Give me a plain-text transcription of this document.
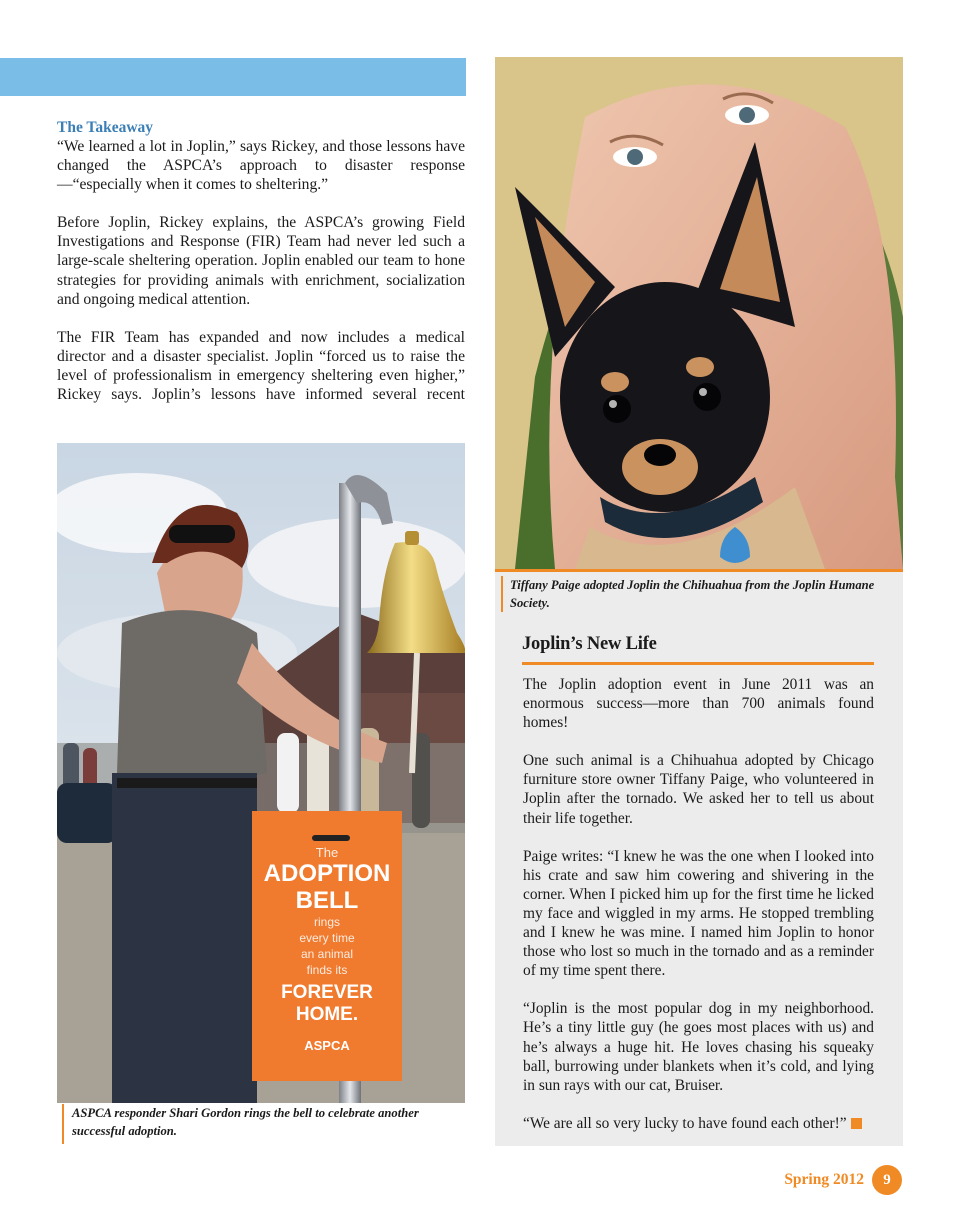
The Takeaway

“We learned a lot in Joplin,” says Rickey, and those lessons have changed the ASPCA’s approach to disaster response—“especially when it comes to sheltering.”

Before Joplin, Rickey explains, the ASPCA’s growing Field Investigations and Response (FIR) Team had never led such a large-scale sheltering operation. Joplin enabled our team to hone strategies for providing animals with enrichment, socialization and ongoing medical attention.

The FIR Team has expanded and now includes a medical director and a disaster specialist. Joplin “forced us to raise the level of professionalism in emergency sheltering even higher,” Rickey says. Joplin’s lessons have informed several recent

The
ADOPTION
BELL
rings
every time
an animal
finds its
FOREVER
HOME.
ASPCA
ASPCA responder Shari Gordon rings the bell to celebrate another successful adoption.
Tiffany Paige adopted Joplin the Chihuahua from the Joplin Humane Society.
Joplin’s New Life

The Joplin adoption event in June 2011 was an enormous success—more than 700 animals found homes!

One such animal is a Chihuahua adopted by Chicago furniture store owner Tiffany Paige, who volunteered in Joplin after the tornado. We asked her to tell us about their life together.

Paige writes: “I knew he was the one when I looked into his crate and saw him cowering and shivering in the corner. When I picked him up for the first time he licked my face and wiggled in my arms. He stopped trembling and I knew he was mine. I named him Joplin to honor those who lost so much in the tornado and as a reminder of my time spent there.

“Joplin is the most popular dog in my neighborhood. He’s a tiny little guy (he goes most places with us) and he’s always a huge hit. He loves chasing his squeaky ball, burrowing under blankets when it’s cold, and lying in sun rays with our cat, Bruiser.

“We are all so very lucky to have found each other!”

Spring 2012	9
